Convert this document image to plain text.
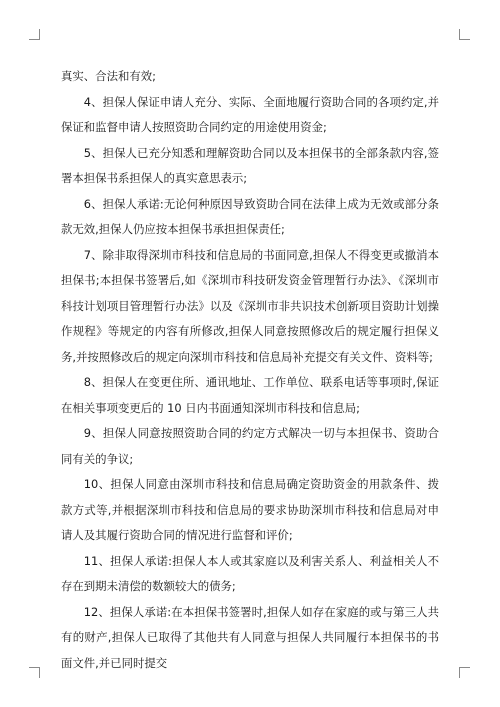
真实、合法和有效;

4、担保人保证申请人充分、实际、全面地履行资助合同的各项约定,并保证和监督申请人按照资助合同约定的用途使用资金;

5、担保人已充分知悉和理解资助合同以及本担保书的全部条款内容,签署本担保书系担保人的真实意思表示;

6、担保人承诺:无论何种原因导致资助合同在法律上成为无效或部分条款无效,担保人仍应按本担保书承担担保责任;

7、除非取得深圳市科技和信息局的书面同意,担保人不得变更或撤消本担保书;本担保书签署后,如《深圳市科技研发资金管理暂行办法》、《深圳市科技计划项目管理暂行办法》以及《深圳市非共识技术创新项目资助计划操作规程》等规定的内容有所修改,担保人同意按照修改后的规定履行担保义务,并按照修改后的规定向深圳市科技和信息局补充提交有关文件、资料等;

8、担保人在变更住所、通讯地址、工作单位、联系电话等事项时,保证在相关事项变更后的 10 日内书面通知深圳市科技和信息局;

9、担保人同意按照资助合同的约定方式解决一切与本担保书、资助合同有关的争议;

10、担保人同意由深圳市科技和信息局确定资助资金的用款条件、拨款方式等,并根据深圳市科技和信息局的要求协助深圳市科技和信息局对申请人及其履行资助合同的情况进行监督和评价;

11、担保人承诺:担保人本人或其家庭以及利害关系人、利益相关人不存在到期未清偿的数额较大的债务;

12、担保人承诺:在本担保书签署时,担保人如存在家庭的或与第三人共有的财产,担保人已取得了其他共有人同意与担保人共同履行本担保书的书面文件,并已同时提交
